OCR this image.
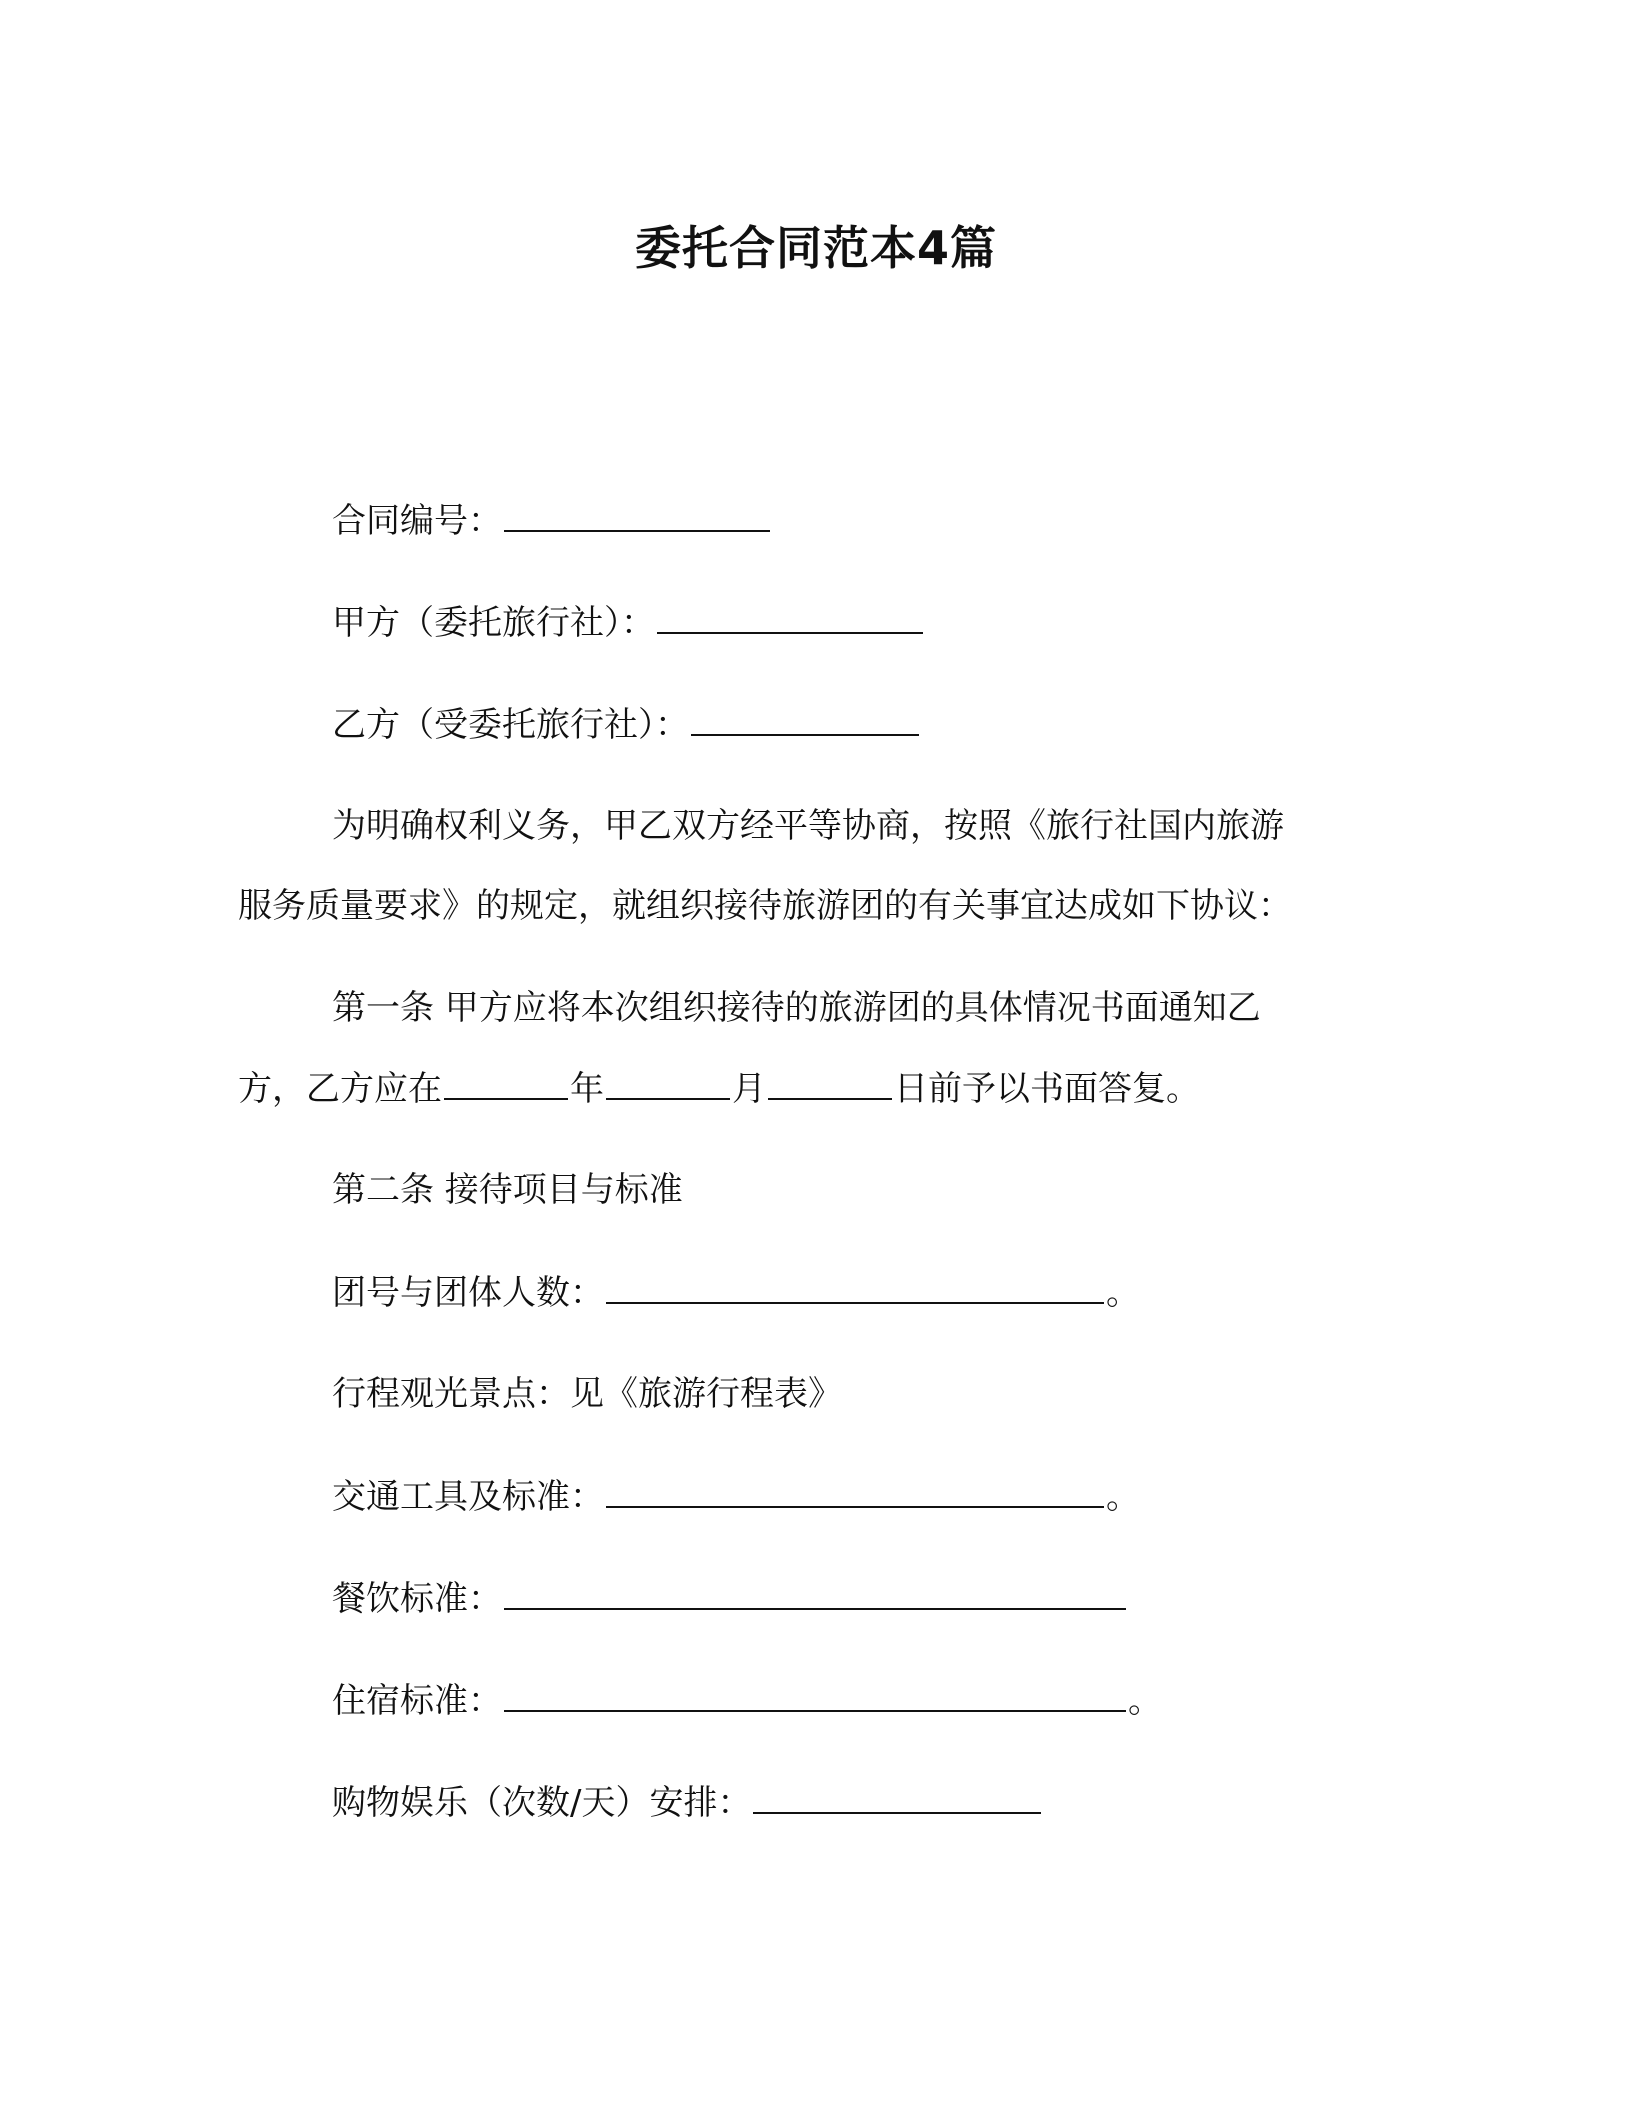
委托合同范本4篇
合同编号：
甲方（委托旅行社）：
乙方（受委托旅行社）：
为明确权利义务，甲乙双方经平等协商，按照《旅行社国内旅游
服务质量要求》的规定，就组织接待旅游团的有关事宜达成如下协议：
第一条 甲方应将本次组织接待的旅游团的具体情况书面通知乙
方，乙方应在	年	月	日前予以书面答复。
第二条 接待项目与标准
团号与团体人数：	。
行程观光景点：见《旅游行程表》
交通工具及标准：	。
餐饮标准：
住宿标准：	。
购物娱乐（次数/天）安排：
